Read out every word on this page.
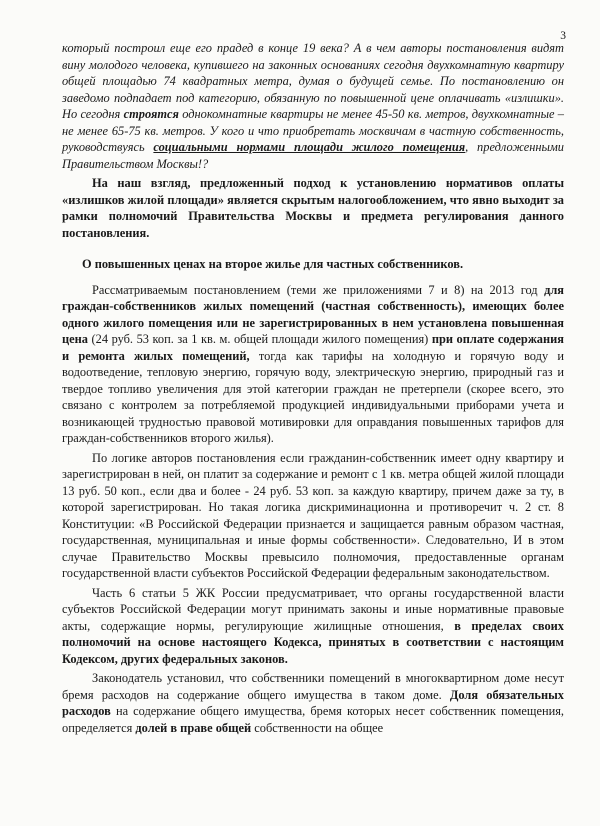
3

который построил еще его прадед в конце 19 века? А в чем авторы постановления видят вину молодого человека, купившего на законных основаниях сегодня двухкомнатную квартиру общей площадью 74 квадратных метра, думая о будущей семье. По постановлению он заведомо подпадает под категорию, обязанную по повышенной цене оплачивать «излишки». Но сегодня строятся однокомнатные квартиры не менее 45-50 кв. метров, двухкомнатные – не менее 65-75 кв. метров. У кого и что приобретать москвичам в частную собственность, руководствуясь социальными нормами площади жилого помещения, предложенными Правительством Москвы!?

На наш взгляд, предложенный подход к установлению нормативов оплаты «излишков жилой площади» является скрытым налогообложением, что явно выходит за рамки полномочий Правительства Москвы и предмета регулирования данного постановления.

О повышенных ценах на второе жилье для частных собственников.

Рассматриваемым постановлением (теми же приложениями 7 и 8) на 2013 год для граждан-собственников жилых помещений (частная собственность), имеющих более одного жилого помещения или не зарегистрированных в нем установлена повышенная цена (24 руб. 53 коп. за 1 кв. м. общей площади жилого помещения) при оплате содержания и ремонта жилых помещений, тогда как тарифы на холодную и горячую воду и водоотведение, тепловую энергию, горячую воду, электрическую энергию, природный газ и твердое топливо увеличения для этой категории граждан не претерпели (скорее всего, это связано с контролем за потребляемой продукцией индивидуальными приборами учета и возникающей трудностью правовой мотивировки для оправдания повышенных тарифов для граждан-собственников второго жилья).

По логике авторов постановления если гражданин-собственник имеет одну квартиру и зарегистрирован в ней, он платит за содержание и ремонт с 1 кв. метра общей жилой площади 13 руб. 50 коп., если два и более - 24 руб. 53 коп. за каждую квартиру, причем даже за ту, в которой зарегистрирован. Но такая логика дискриминационна и противоречит ч. 2 ст. 8 Конституции: «В Российской Федерации признается и защищается равным образом частная, государственная, муниципальная и иные формы собственности». Следовательно, И в этом случае Правительство Москвы превысило полномочия, предоставленные органам государственной власти субъектов Российской Федерации федеральным законодательством.

Часть 6 статьи 5 ЖК России предусматривает, что органы государственной власти субъектов Российской Федерации могут принимать законы и иные нормативные правовые акты, содержащие нормы, регулирующие жилищные отношения, в пределах своих полномочий на основе настоящего Кодекса, принятых в соответствии с настоящим Кодексом, других федеральных законов.

Законодатель установил, что собственники помещений в многоквартирном доме несут бремя расходов на содержание общего имущества в таком доме. Доля обязательных расходов на содержание общего имущества, бремя которых несет собственник помещения, определяется долей в праве общей собственности на общее
